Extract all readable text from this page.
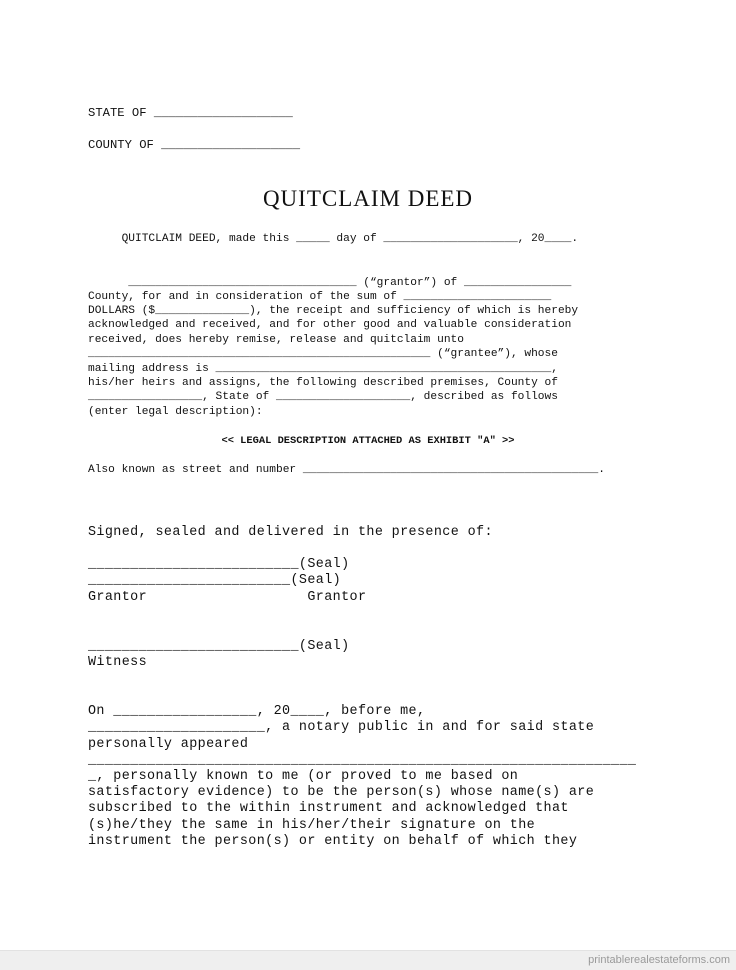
STATE OF ___________________

COUNTY OF ___________________

QUITCLAIM DEED

QUITCLAIM DEED, made this _____ day of ____________________, 20____.

__________________________________ (“grantor”) of ________________

County, for and in consideration of the sum of ______________________

DOLLARS ($______________), the receipt and sufficiency of which is hereby

acknowledged and received, and for other good and valuable consideration

received, does hereby remise, release and quitclaim unto

___________________________________________________ (“grantee”), whose

mailing address is __________________________________________________,

his/her heirs and assigns, the following described premises, County of

_________________, State of ____________________, described as follows

(enter legal description):

<< LEGAL DESCRIPTION ATTACHED AS EXHIBIT "A" >>

Also known as street and number ____________________________________________.

Signed, sealed and delivered in the presence of:

_________________________(Seal)

________________________(Seal)

Grantor                   Grantor

_________________________(Seal)

Witness

On _________________, 20____, before me,

_____________________, a notary public in and for said state

personally appeared

_________________________________________________________________

_, personally known to me (or proved to me based on

satisfactory evidence) to be the person(s) whose name(s) are

subscribed to the within instrument and acknowledged that

(s)he/they the same in his/her/their signature on the

instrument the person(s) or entity on behalf of which they

printablerealestateforms.com
